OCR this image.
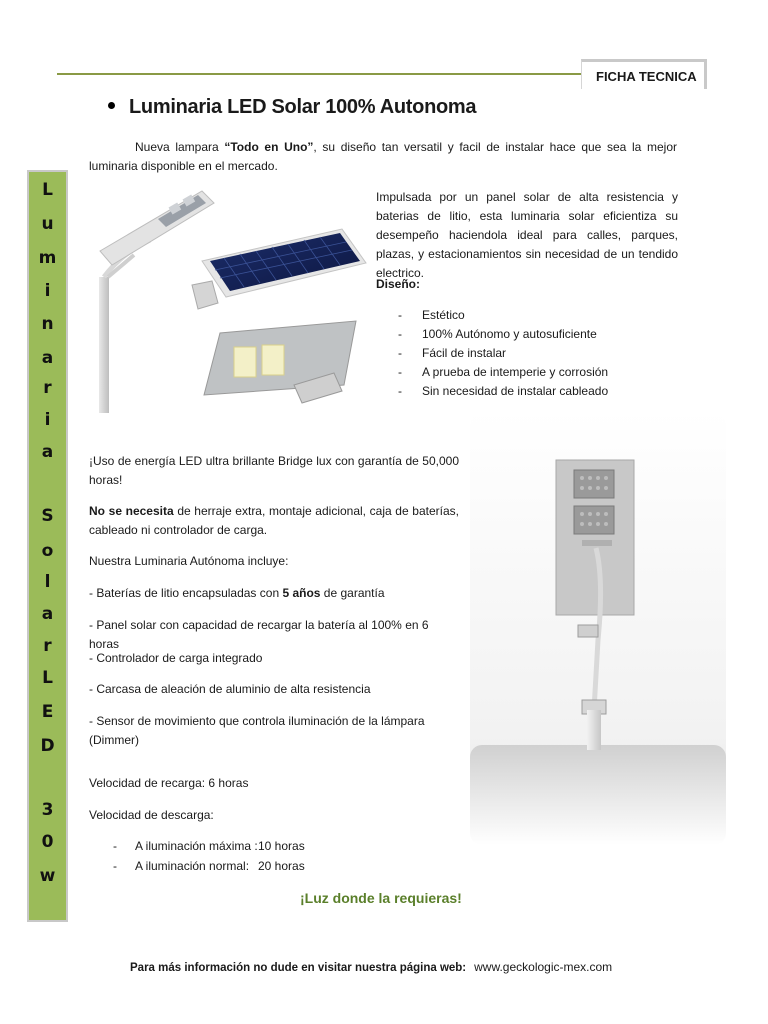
FICHA TECNICA
Luminaria LED Solar 100% Autonoma
Nueva lampara “Todo en Uno”, su diseño tan versatil y facil de instalar hace que sea la mejor luminaria disponible en el mercado.
Impulsada por un panel solar de alta resistencia y baterias de litio, esta luminaria solar eficientiza su desempeño haciendola ideal para calles, parques, plazas, y estacionamientos sin necesidad de un tendido electrico.
Diseño:
- Estético
- 100% Autónomo y autosuficiente
- Fácil de instalar
- A prueba de intemperie y corrosión
- Sin necesidad de instalar cableado
L
u
m
i
n
a
r
i
a
S
o
l
a
r
L
E
D
3
0
w
¡Uso de energía LED ultra brillante Bridge lux con garantía de 50,000 horas!
No se necesita de herraje extra, montaje adicional, caja de baterías, cableado ni controlador de carga.
Nuestra Luminaria Autónoma incluye:
- Baterías de litio encapsuladas con 5 años de garantía
- Panel solar con capacidad de recargar la batería al 100% en 6 horas
- Controlador de carga integrado
- Carcasa de aleación de aluminio de alta resistencia
- Sensor de movimiento que controla iluminación de la lámpara (Dimmer)
Velocidad de recarga: 6 horas
Velocidad de descarga:
- A iluminación máxima :10 horas
- A iluminación normal: 20 horas
¡Luz donde la requieras!
Para más información no dude en visitar nuestra página web: www.geckologic-mex.com
